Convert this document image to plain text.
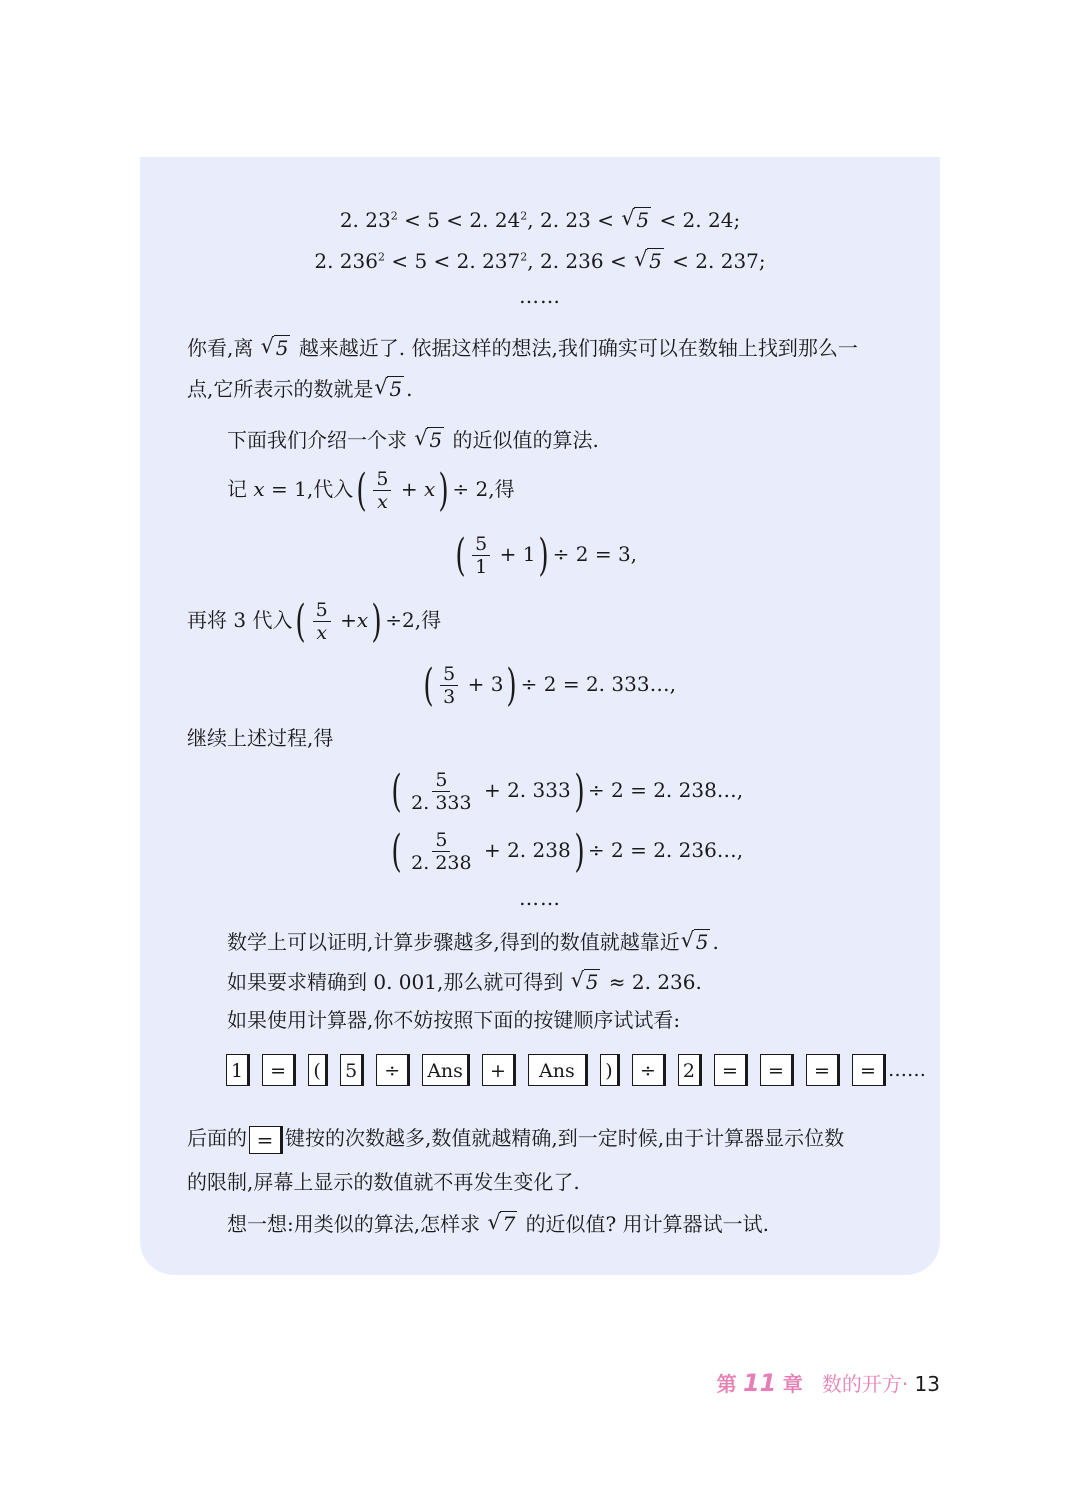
2. $23^2 < 5 < 2$. $24^2$, 2. 23 < √ 5 < 2. 24;
2. $236^2 < 5 < 2$. $237^2$, 2. 236 < √ 5 < 2. 237;
……
你看,离 √ 5 越来越近了. 依据这样的想法,我们确实可以在数轴上找到那么一
点,它所表示的数就是 √ 5 .
下面我们介绍一个求 √ 5 的近似值的算法.
记 x = 1,代入( $\frac{5}{x} + x) \div 2$,得
( $\frac{5}{1} + 1) \div 2 = 3$,
再将 3 代入( $\frac{5}{x} +x) \div 2$,得
( $\frac{5}{3} + 3) \div 2 = 2$. 333…,
继续上述过程,得
( $\frac{5}{2. 333} + 2$. 333) ÷ 2 = 2. 238…,
( $\frac{5}{2. 238} + 2$. 238) ÷ 2 = 2. 236…,
……
数学上可以证明,计算步骤越多,得到的数值就越靠近 √ 5 .
如果要求精确到 0. 001,那么就可得到 √ 5 ≈ 2. 236.
如果使用计算器,你不妨按照下面的按键顺序试试看:
1	=	(	5	÷	Ans	+	Ans	)	÷	2	=	=	=	= ……
后面的 = 键按的次数越多,数值就越精确,到一定时候,由于计算器显示位数
的限制,屏幕上显示的数值就不再发生变化了.
想一想:用类似的算法,怎样求 √ 7 的近似值? 用计算器试一试.
第 11 章 数的开方· 13
